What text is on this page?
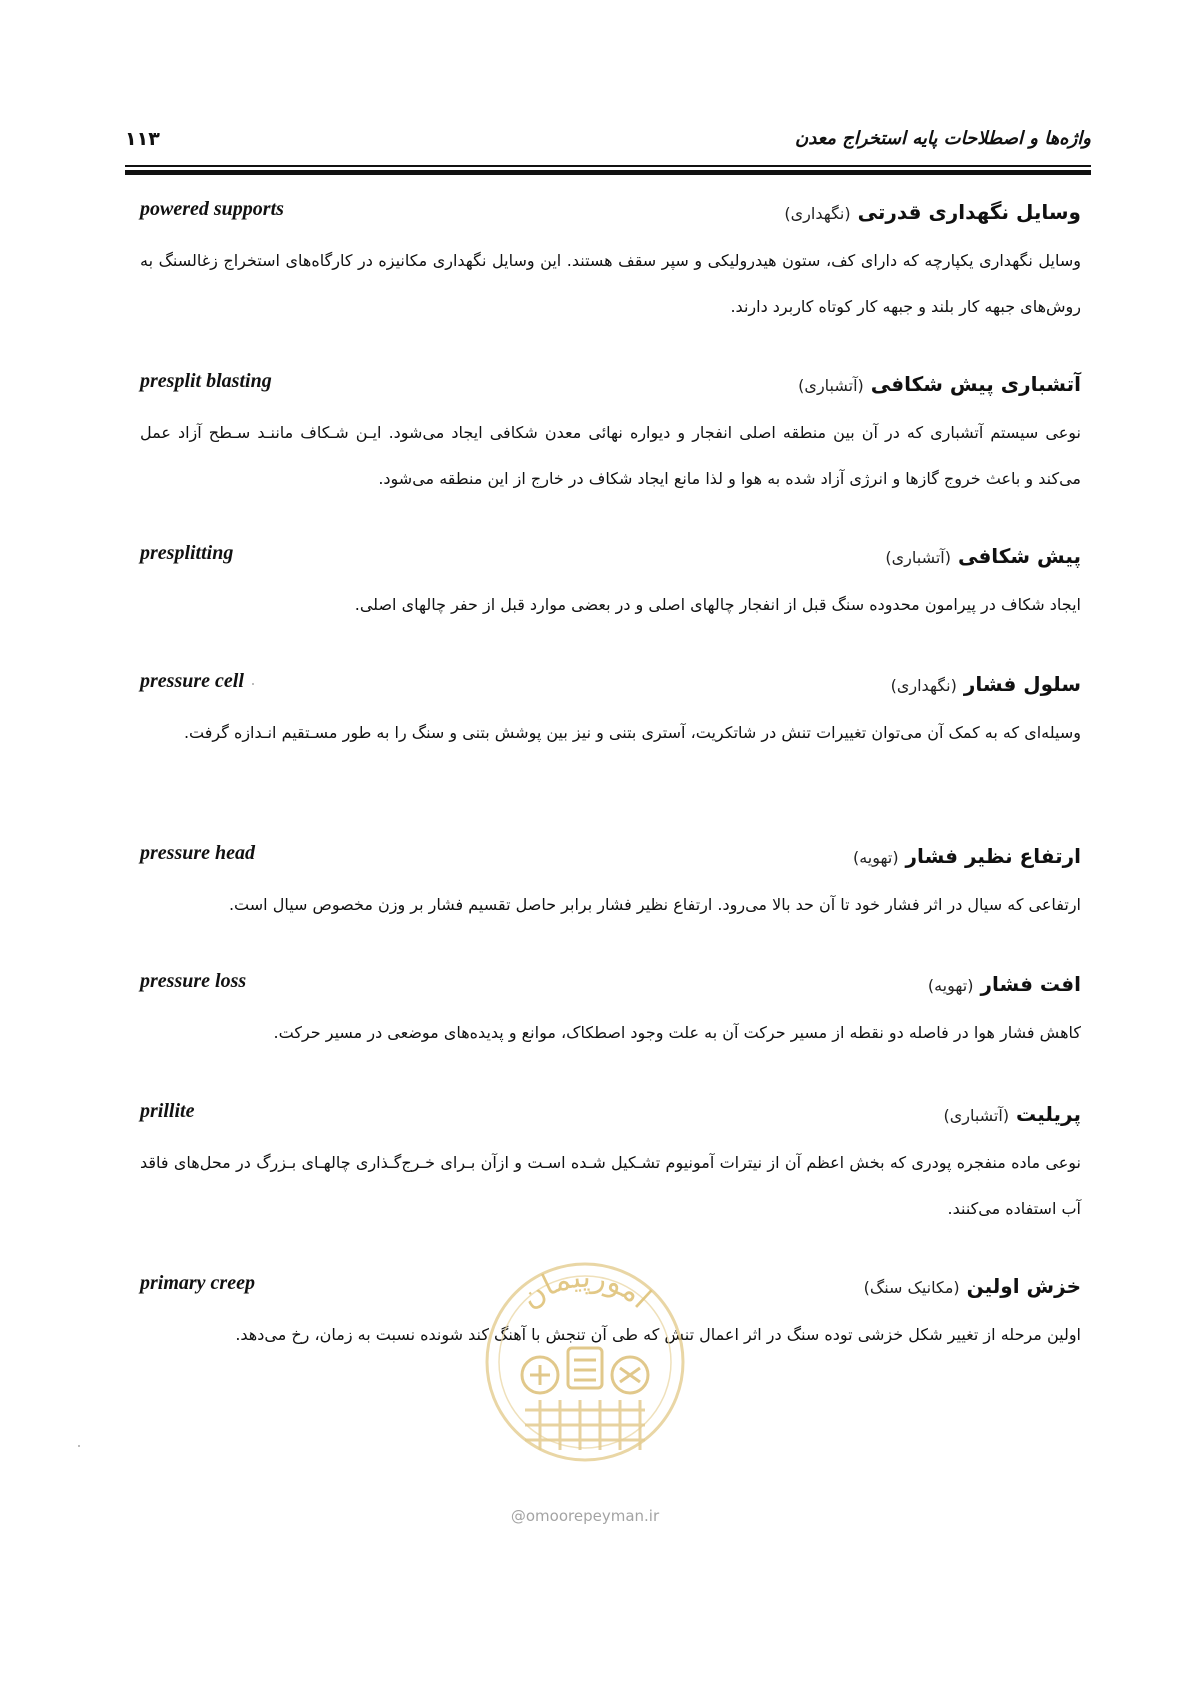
واژه‌ها و اصطلاحات پایه استخراج معدن
۱۱۳
وسایل نگهداری قدرتی (نگهداری)
powered supports
وسایل نگهداری یکپارچه که دارای کف، ستون هیدرولیکی و سپر سقف هستند. این وسایل نگهداری مکانیزه در کارگاه‌های استخراج زغالسنگ به روش‌های جبهه کار بلند و جبهه کار کوتاه کاربرد دارند.
آتشباری پیش شکافی (آتشباری)
presplit blasting
نوعی سیستم آتشباری که در آن بین منطقه اصلی انفجار و دیواره نهائی معدن شکافی ایجاد می‌شود. ایـن شـکاف ماننـد سـطح آزاد عمل می‌کند و باعث خروج گازها و انرژی آزاد شده به هوا و لذا مانع ایجاد شکاف در خارج از این منطقه می‌شود.
پیش شکافی (آتشباری)
presplitting
ایجاد شکاف در پیرامون محدوده سنگ قبل از انفجار چالهای اصلی و در بعضی موارد قبل از حفر چالهای اصلی.
سلول فشار (نگهداری)
pressure cell
وسیله‌ای که به کمک آن می‌توان تغییرات تنش در شاتکریت، آستری بتنی و نیز بین پوشش بتنی و سنگ را به طور مسـتقیم انـدازه گرفت.
ارتفاع نظیر فشار (تهویه)
pressure head
ارتفاعی که سیال در اثر فشار خود تا آن حد بالا می‌رود. ارتفاع نظیر فشار برابر حاصل تقسیم فشار بر وزن مخصوص سیال است.
افت فشار (تهویه)
pressure loss
کاهش فشار هوا در فاصله دو نقطه از مسیر حرکت آن به علت وجود اصطکاک، موانع و پدیده‌های موضعی در مسیر حرکت.
پریلیت (آتشباری)
prillite
نوعی ماده منفجره پودری که بخش اعظم آن از نیترات آمونیوم تشـکیل شـده اسـت و ازآن بـرای خـرج‌گـذاری چالهـای بـزرگ در محل‌های فاقد آب استفاده می‌کنند.
خزش اولین (مکانیک سنگ)
primary creep
اولین مرحله از تغییر شکل خزشی توده سنگ در اثر اعمال تنش که طی آن تنجش با آهنگ کند شونده نسبت به زمان، رخ می‌دهد.
امورپیمان
@omoorepeyman.ir
